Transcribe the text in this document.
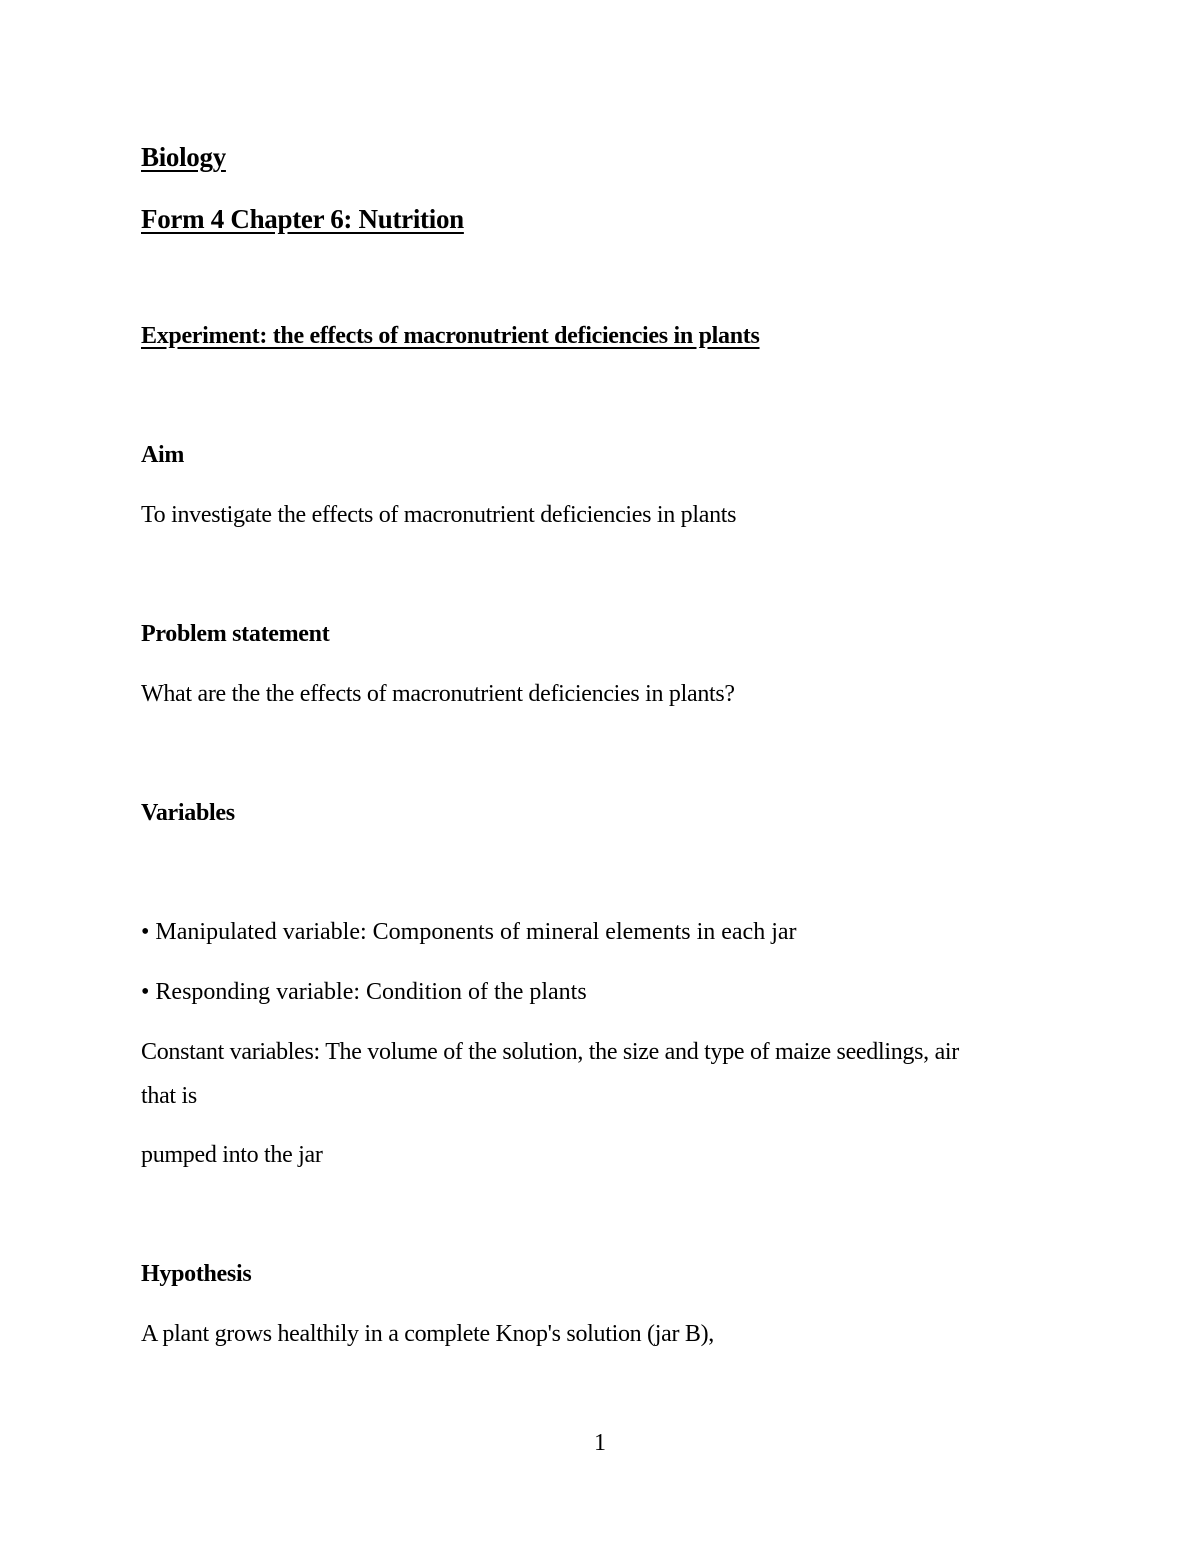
Biology

Form 4 Chapter 6: Nutrition

Experiment: the effects of macronutrient deficiencies in plants

Aim

To investigate the effects of macronutrient deficiencies in plants

Problem statement

What are the the effects of macronutrient deficiencies in plants?

Variables

• Manipulated variable: Components of mineral elements in each jar

• Responding variable: Condition of the plants

Constant variables: The volume of the solution, the size and type of maize seedlings, air

that is

pumped into the jar

Hypothesis

A plant grows healthily in a complete Knop's solution (jar B),

1
